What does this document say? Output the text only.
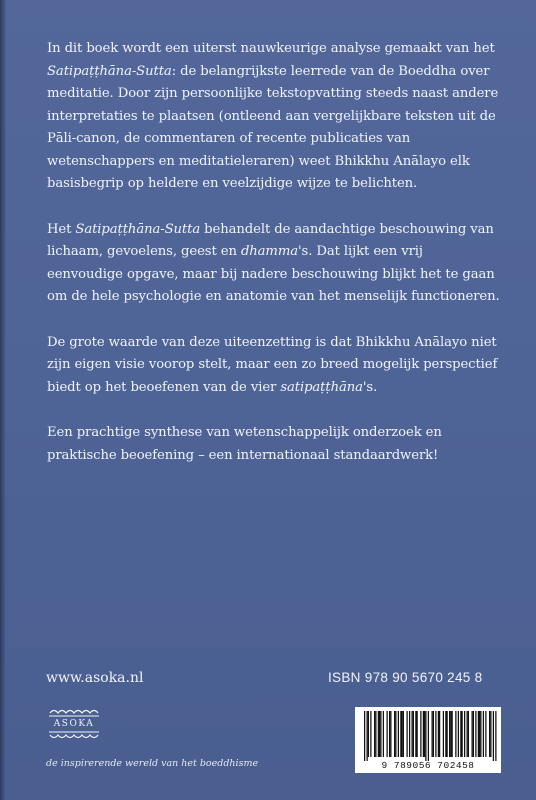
In dit boek wordt een uiterst nauwkeurige analyse gemaakt van het Satipaṭṭhāna-Sutta: de belangrijkste leerrede van de Boeddha over meditatie. Door zijn persoonlijke tekstopvatting steeds naast andere interpretaties te plaatsen (ontleend aan vergelijkbare teksten uit de Pāli-canon, de commentaren of recente publicaties van wetenschappers en meditatieleraren) weet Bhikkhu Anālayo elk basisbegrip op heldere en veelzijdige wijze te belichten.

Het Satipaṭṭhāna-Sutta behandelt de aandachtige beschouwing van lichaam, gevoelens, geest en dhamma's. Dat lijkt een vrij eenvoudige opgave, maar bij nadere beschouwing blijkt het te gaan om de hele psychologie en anatomie van het menselijk functioneren.

De grote waarde van deze uiteenzetting is dat Bhikkhu Anālayo niet zijn eigen visie voorop stelt, maar een zo breed mogelijk perspectief biedt op het beoefenen van de vier satipaṭṭhāna's.

Een prachtige synthese van wetenschappelijk onderzoek en praktische beoefening – een internationaal standaardwerk!

www.asoka.nl	ISBN 978 90 5670 245 8
ASOKA
de inspirerende wereld van het boeddhisme	9 789056 702458
